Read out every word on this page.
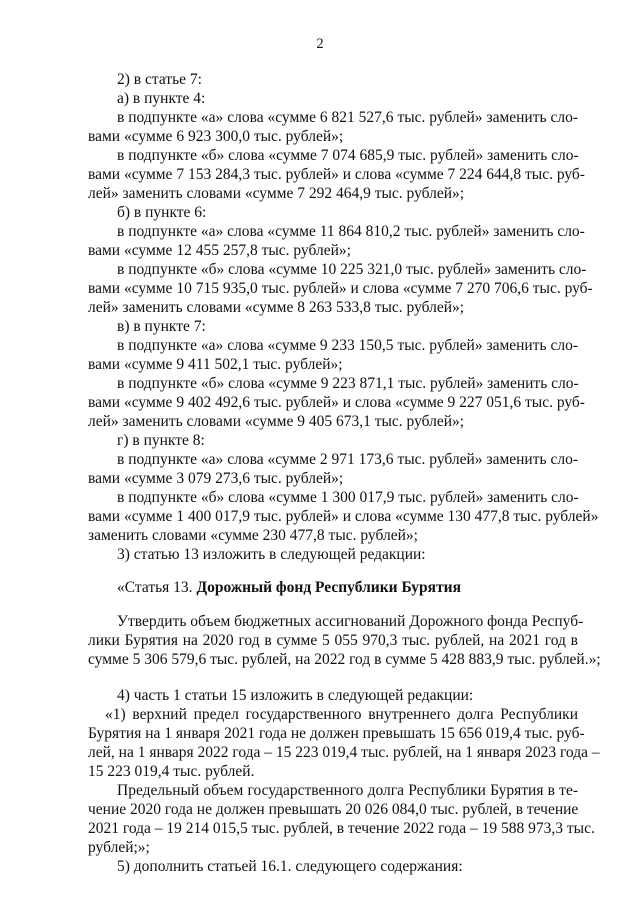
2
2) в статье 7:
а) в пункте 4:
в подпункте «а» слова «сумме 6 821 527,6 тыс. рублей» заменить сло-
вами «сумме 6 923 300,0 тыс. рублей»;
в подпункте «б» слова «сумме 7 074 685,9 тыс. рублей» заменить сло-
вами «сумме 7 153 284,3 тыс. рублей» и слова «сумме 7 224 644,8 тыс. руб-
лей» заменить словами «сумме 7 292 464,9 тыс. рублей»;
б) в пункте 6:
в подпункте «а» слова «сумме 11 864 810,2 тыс. рублей» заменить сло-
вами «сумме 12 455 257,8 тыс. рублей»;
в подпункте «б» слова «сумме 10 225 321,0 тыс. рублей» заменить сло-
вами «сумме 10 715 935,0 тыс. рублей» и слова «сумме 7 270 706,6 тыс. руб-
лей» заменить словами «сумме 8 263 533,8 тыс. рублей»;
в) в пункте 7:
в подпункте «а» слова «сумме 9 233 150,5 тыс. рублей» заменить сло-
вами «сумме 9 411 502,1 тыс. рублей»;
в подпункте «б» слова «сумме 9 223 871,1 тыс. рублей» заменить сло-
вами «сумме 9 402 492,6 тыс. рублей» и слова «сумме 9 227 051,6 тыс. руб-
лей» заменить словами «сумме 9 405 673,1 тыс. рублей»;
г) в пункте 8:
в подпункте «а» слова «сумме 2 971 173,6 тыс. рублей» заменить сло-
вами «сумме 3 079 273,6 тыс. рублей»;
в подпункте «б» слова «сумме 1 300 017,9 тыс. рублей» заменить сло-
вами «сумме 1 400 017,9 тыс. рублей» и слова «сумме 130 477,8 тыс. рублей»
заменить словами «сумме 230 477,8 тыс. рублей»;
3) статью 13 изложить в следующей редакции:
«Статья 13. Дорожный фонд Республики Бурятия
Утвердить объем бюджетных ассигнований Дорожного фонда Респуб-
лики Бурятия на 2020 год в сумме 5 055 970,3 тыс. рублей, на 2021 год в
сумме 5 306 579,6 тыс. рублей, на 2022 год в сумме 5 428 883,9 тыс. рублей.»;
4) часть 1 статьи 15 изложить в следующей редакции:
«1) верхний предел государственного внутреннего долга Республики
Бурятия на 1 января 2021 года не должен превышать 15 656 019,4 тыс. руб-
лей, на 1 января 2022 года – 15 223 019,4 тыс. рублей, на 1 января 2023 года –
15 223 019,4 тыс. рублей.
Предельный объем государственного долга Республики Бурятия в те-
чение 2020 года не должен превышать 20 026 084,0 тыс. рублей, в течение
2021 года – 19 214 015,5 тыс. рублей, в течение 2022 года – 19 588 973,3 тыс.
рублей;»;
5) дополнить статьей 16.1. следующего содержания:
